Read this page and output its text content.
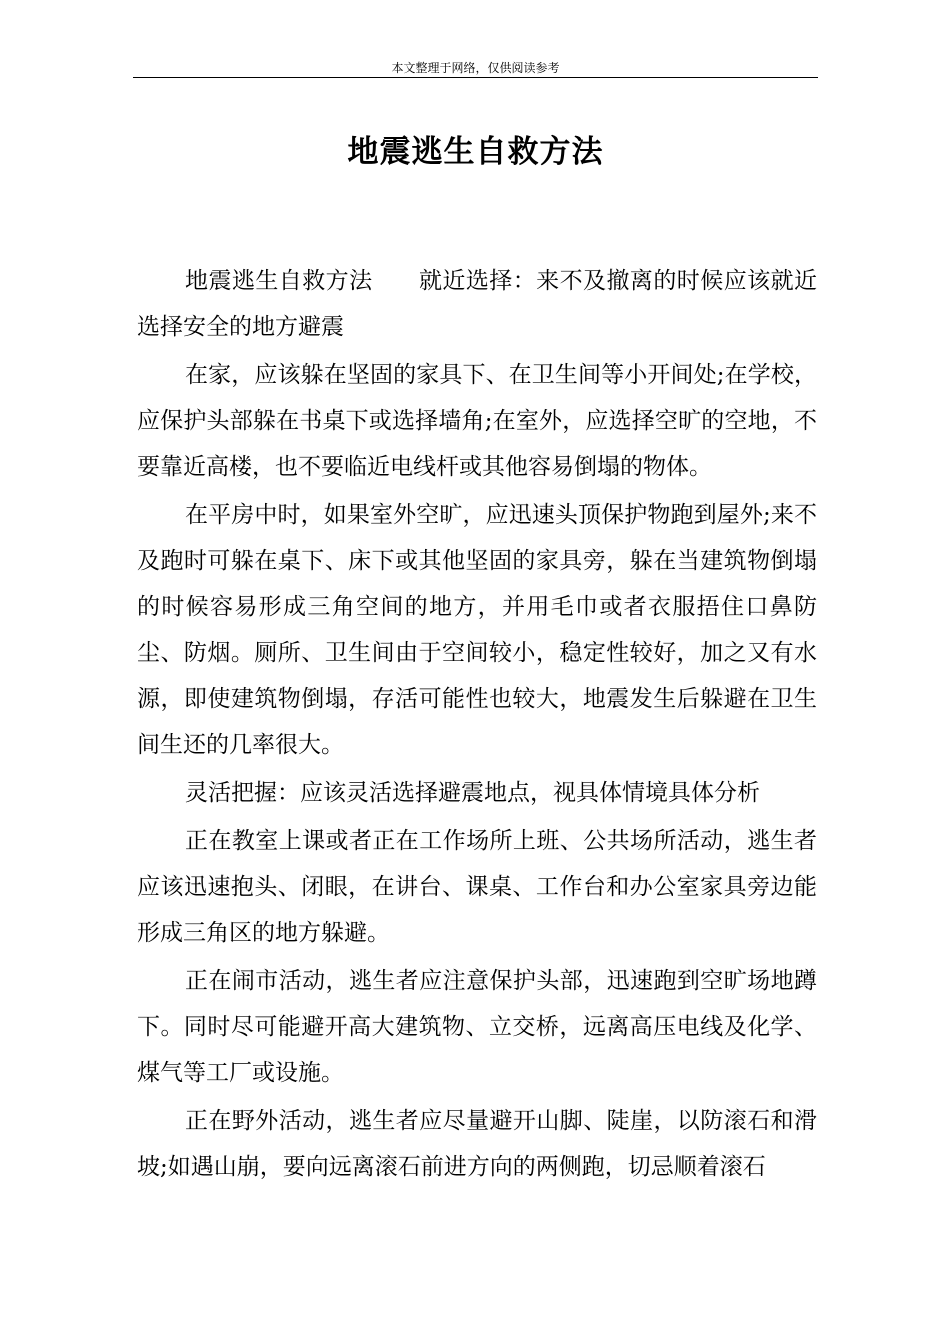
本文整理于网络，仅供阅读参考
地震逃生自救方法

地震逃生自救方法 就近选择：来不及撤离的时候应该就近选择安全的地方避震

在家，应该躲在坚固的家具下、在卫生间等小开间处;在学校，应保护头部躲在书桌下或选择墙角;在室外，应选择空旷的空地，不要靠近高楼，也不要临近电线杆或其他容易倒塌的物体。

在平房中时，如果室外空旷，应迅速头顶保护物跑到屋外;来不及跑时可躲在桌下、床下或其他坚固的家具旁，躲在当建筑物倒塌的时候容易形成三角空间的地方，并用毛巾或者衣服捂住口鼻防尘、防烟。厕所、卫生间由于空间较小，稳定性较好，加之又有水源，即使建筑物倒塌，存活可能性也较大，地震发生后躲避在卫生间生还的几率很大。

灵活把握：应该灵活选择避震地点，视具体情境具体分析

正在教室上课或者正在工作场所上班、公共场所活动，逃生者应该迅速抱头、闭眼，在讲台、课桌、工作台和办公室家具旁边能形成三角区的地方躲避。

正在闹市活动，逃生者应注意保护头部，迅速跑到空旷场地蹲下。同时尽可能避开高大建筑物、立交桥，远离高压电线及化学、煤气等工厂或设施。

正在野外活动，逃生者应尽量避开山脚、陡崖，以防滚石和滑坡;如遇山崩，要向远离滚石前进方向的两侧跑，切忌顺着滚石
